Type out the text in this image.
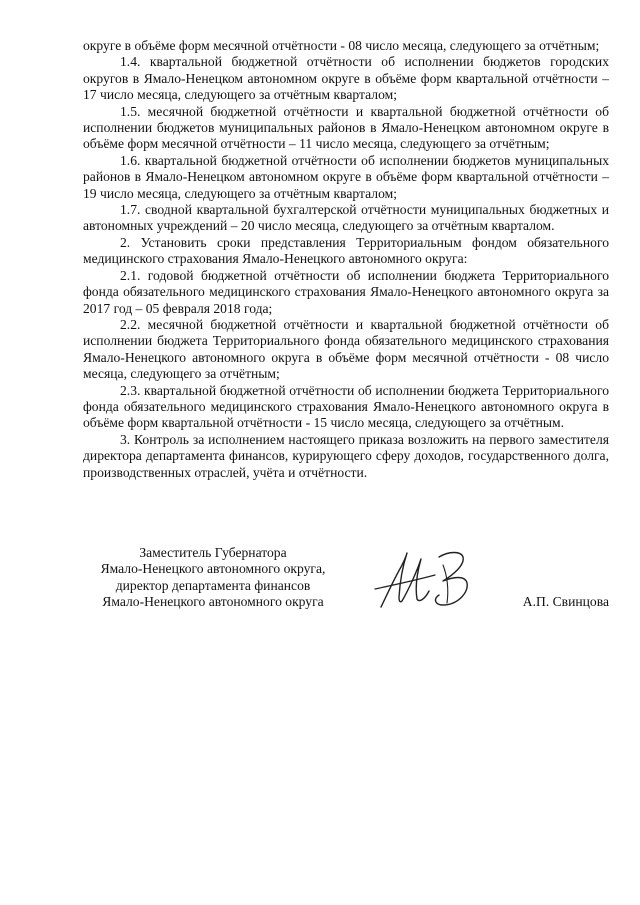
округе в объёме форм месячной отчётности - 08 число месяца, следующего за отчётным;

1.4. квартальной бюджетной отчётности об исполнении бюджетов городских округов в Ямало-Ненецком автономном округе в объёме форм квартальной отчётности – 17 число месяца, следующего за отчётным кварталом;

1.5. месячной бюджетной отчётности и квартальной бюджетной отчётности об исполнении бюджетов муниципальных районов в Ямало-Ненецком автономном округе в объёме форм месячной отчётности – 11 число месяца, следующего за отчётным;

1.6. квартальной бюджетной отчётности об исполнении бюджетов муниципальных районов в Ямало-Ненецком автономном округе в объёме форм квартальной отчётности – 19 число месяца, следующего за отчётным кварталом;

1.7. сводной квартальной бухгалтерской отчётности муниципальных бюджетных и автономных учреждений – 20 число месяца, следующего за отчётным кварталом.

2. Установить сроки представления Территориальным фондом обязательного медицинского страхования Ямало-Ненецкого автономного округа:

2.1. годовой бюджетной отчётности об исполнении бюджета Территориального фонда обязательного медицинского страхования Ямало-Ненецкого автономного округа за 2017 год – 05 февраля 2018 года;

2.2. месячной бюджетной отчётности и квартальной бюджетной отчётности об исполнении бюджета Территориального фонда обязательного медицинского страхования Ямало-Ненецкого автономного округа в объёме форм месячной отчётности - 08 число месяца, следующего за отчётным;

2.3. квартальной бюджетной отчётности об исполнении бюджета Территориального фонда обязательного медицинского страхования Ямало-Ненецкого автономного округа в объёме форм квартальной отчётности - 15 число месяца, следующего за отчётным.

3. Контроль за исполнением настоящего приказа возложить на первого заместителя директора департамента финансов, курирующего сферу доходов, государственного долга, производственных отраслей, учёта и отчётности.

Заместитель Губернатора
Ямало-Ненецкого автономного округа,
директор департамента финансов
Ямало-Ненецкого автономного округа	А.П. Свинцова
